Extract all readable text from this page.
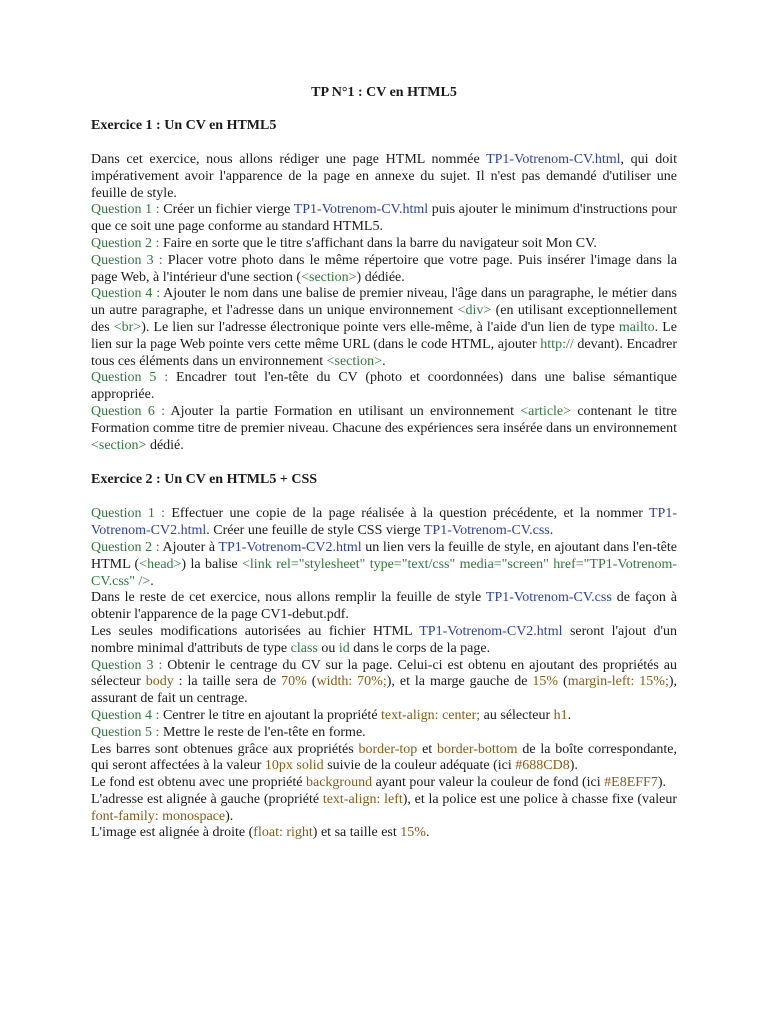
TP N°1 : CV en HTML5
Exercice 1 : Un CV en HTML5

Dans cet exercice, nous allons rédiger une page HTML nommée TP1-Votrenom-CV.html, qui doit impérativement avoir l'apparence de la page en annexe du sujet. Il n'est pas demandé d'utiliser une feuille de style.

Question 1 : Créer un fichier vierge TP1-Votrenom-CV.html puis ajouter le minimum d'instructions pour que ce soit une page conforme au standard HTML5.

Question 2 : Faire en sorte que le titre s'affichant dans la barre du navigateur soit Mon CV.

Question 3 : Placer votre photo dans le même répertoire que votre page. Puis insérer l'image dans la page Web, à l'intérieur d'une section (<section>) dédiée.

Question 4 : Ajouter le nom dans une balise de premier niveau, l'âge dans un paragraphe, le métier dans un autre paragraphe, et l'adresse dans un unique environnement <div> (en utilisant exceptionnellement des <br>). Le lien sur l'adresse électronique pointe vers elle-même, à l'aide d'un lien de type mailto. Le lien sur la page Web pointe vers cette même URL (dans le code HTML, ajouter http:// devant). Encadrer tous ces éléments dans un environnement <section>.

Question 5 : Encadrer tout l'en-tête du CV (photo et coordonnées) dans une balise sémantique appropriée.

Question 6 : Ajouter la partie Formation en utilisant un environnement <article> contenant le titre Formation comme titre de premier niveau. Chacune des expériences sera insérée dans un environnement <section> dédié.

Exercice 2 : Un CV en HTML5 + CSS

Question 1 : Effectuer une copie de la page réalisée à la question précédente, et la nommer TP1-Votrenom-CV2.html. Créer une feuille de style CSS vierge TP1-Votrenom-CV.css.

Question 2 : Ajouter à TP1-Votrenom-CV2.html un lien vers la feuille de style, en ajoutant dans l'en-tête HTML (<head>) la balise <link rel="stylesheet" type="text/css" media="screen" href="TP1-Votrenom-CV.css" />.

Dans le reste de cet exercice, nous allons remplir la feuille de style TP1-Votrenom-CV.css de façon à obtenir l'apparence de la page CV1-debut.pdf.

Les seules modifications autorisées au fichier HTML TP1-Votrenom-CV2.html seront l'ajout d'un nombre minimal d'attributs de type class ou id dans le corps de la page.

Question 3 : Obtenir le centrage du CV sur la page. Celui-ci est obtenu en ajoutant des propriétés au sélecteur body : la taille sera de 70% (width: 70%;), et la marge gauche de 15% (margin-left: 15%;), assurant de fait un centrage.

Question 4 : Centrer le titre en ajoutant la propriété text-align: center; au sélecteur h1.

Question 5 : Mettre le reste de l'en-tête en forme.

Les barres sont obtenues grâce aux propriétés border-top et border-bottom de la boîte correspondante, qui seront affectées à la valeur 10px solid suivie de la couleur adéquate (ici #688CD8).

Le fond est obtenu avec une propriété background ayant pour valeur la couleur de fond (ici #E8EFF7).

L'adresse est alignée à gauche (propriété text-align: left), et la police est une police à chasse fixe (valeur font-family: monospace).

L'image est alignée à droite (float: right) et sa taille est 15%.
